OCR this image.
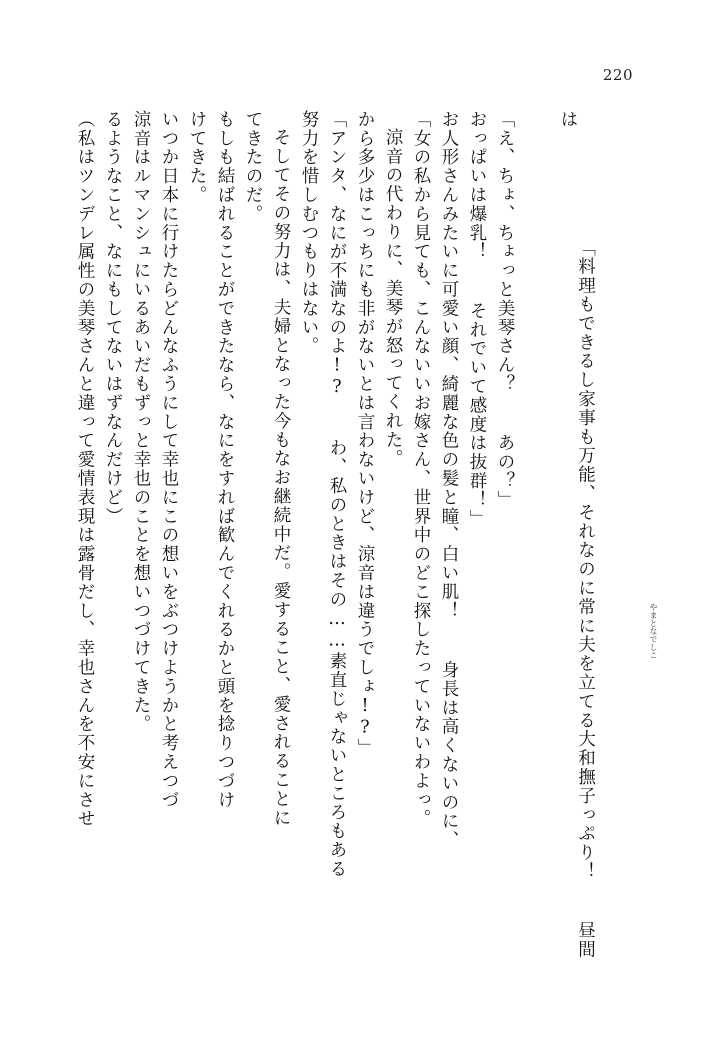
220
（私はツンデレ属性の美琴さんと違って愛情表現は露骨だし、幸也さんを不安にさせ るようなこと、なにもしてないはずなんだけど） 涼音はルマンシュにいるあいだもずっと幸也のことを想いつづけてきた。 いつか日本に行けたらどんなふうにして幸也にこの想いをぶつけようかと考えつづ けてきた。 もしも結ばれることができたなら、なにをすれば歓んでくれるかと頭を捻りつづけ てきたのだ。 そしてその努力は、夫婦となった今もなお継続中だ。愛すること、愛されることに 努力を惜しむつもりはない。 「アンタ、なにが不満なのよ!? 　わ、私のときはその……素直じゃないところもある から多少はこっちにも非がないとは言わないけど、涼音は違うでしょ!?」 涼音の代わりに、美琴が怒ってくれた。 「女の私から見ても、こんないいお嫁さん、世界中のどこ探したっていないわよっ。 お人形さんみたいに可愛い顔、綺麗な色の髪と瞳、白い肌！ 　身長は高くないのに、 おっぱいは爆乳！ 　それでいて感度は抜群！」 「え、ちょ、ちょっと美琴さん？ 　あの？」	「料理もできるし家事も万能、それなのに常に夫を立てる大和撫子っぷり！ 　昼間は

やまとなでしこ
